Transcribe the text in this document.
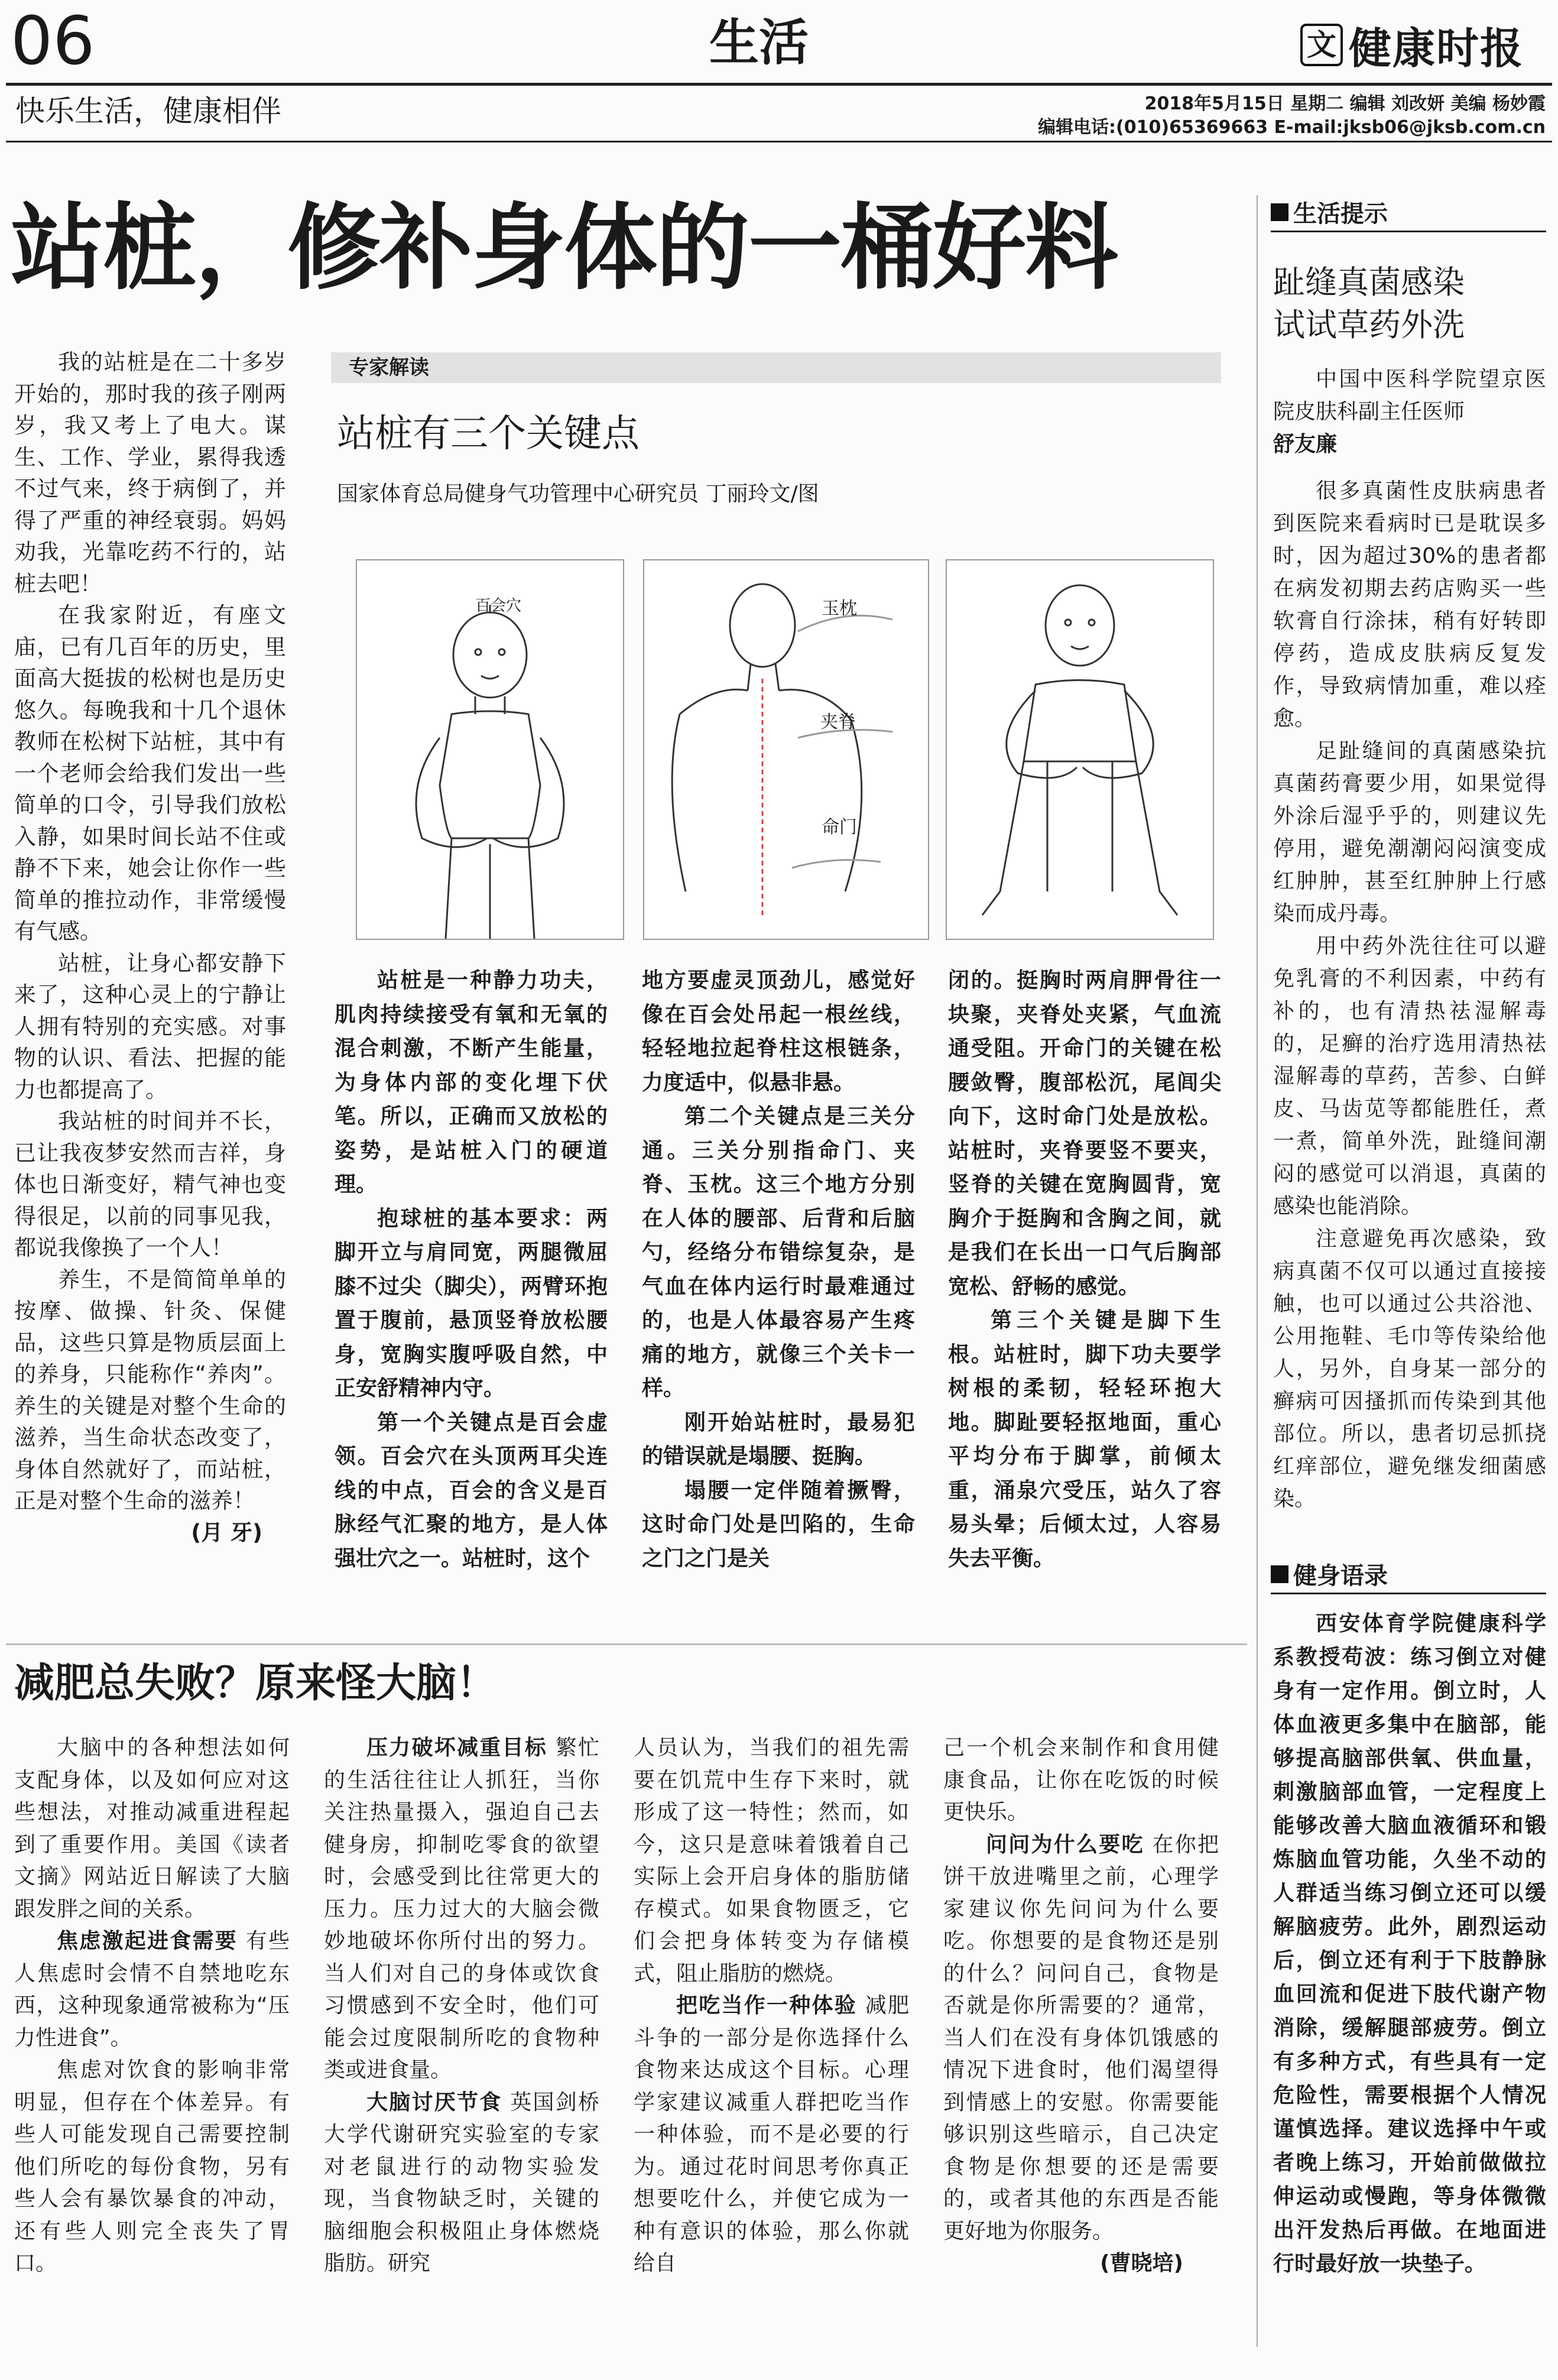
06	生活	文 健康时报
快乐生活，健康相伴	2018年5月15日 星期二 编辑 刘改妍 美编 杨妙霞
编辑电话:(010)65369663 E-mail:jksb06@jksb.com.cn
站桩，修补身体的一桶好料

我的站桩是在二十多岁开始的，那时我的孩子刚两岁，我又考上了电大。谋生、工作、学业，累得我透不过气来，终于病倒了，并得了严重的神经衰弱。妈妈劝我，光靠吃药不行的，站桩去吧！

在我家附近，有座文庙，已有几百年的历史，里面高大挺拔的松树也是历史悠久。每晚我和十几个退休教师在松树下站桩，其中有一个老师会给我们发出一些简单的口令，引导我们放松入静，如果时间长站不住或静不下来，她会让你作一些简单的推拉动作，非常缓慢有气感。

站桩，让身心都安静下来了，这种心灵上的宁静让人拥有特别的充实感。对事物的认识、看法、把握的能力也都提高了。

我站桩的时间并不长，已让我夜梦安然而吉祥，身体也日渐变好，精气神也变得很足，以前的同事见我，都说我像换了一个人！

养生，不是简简单单的按摩、做操、针灸、保健品，这些只算是物质层面上的养身，只能称作“养肉”。养生的关键是对整个生命的滋养，当生命状态改变了，身体自然就好了，而站桩，正是对整个生命的滋养！

(月 牙)
专家解读
站桩有三个关键点
国家体育总局健身气功管理中心研究员 丁丽玲文/图
百会穴	玉枕
夹脊
命门

站桩是一种静力功夫，肌肉持续接受有氧和无氧的混合刺激，不断产生能量，为身体内部的变化埋下伏笔。所以，正确而又放松的姿势，是站桩入门的硬道理。

抱球桩的基本要求：两脚开立与肩同宽，两腿微屈膝不过尖（脚尖），两臂环抱置于腹前，悬顶竖脊放松腰身，宽胸实腹呼吸自然，中正安舒精神内守。

第一个关键点是百会虚领。百会穴在头顶两耳尖连线的中点，百会的含义是百脉经气汇聚的地方，是人体强壮穴之一。站桩时，这个

地方要虚灵顶劲儿，感觉好像在百会处吊起一根丝线，轻轻地拉起脊柱这根链条，力度适中，似悬非悬。

第二个关键点是三关分通。三关分别指命门、夹脊、玉枕。这三个地方分别在人体的腰部、后背和后脑勺，经络分布错综复杂，是气血在体内运行时最难通过的，也是人体最容易产生疼痛的地方，就像三个关卡一样。

刚开始站桩时，最易犯的错误就是塌腰、挺胸。

塌腰一定伴随着撅臀，这时命门处是凹陷的，生命之门之门是关

闭的。挺胸时两肩胛骨往一块聚，夹脊处夹紧，气血流通受阻。开命门的关键在松腰敛臀，腹部松沉，尾闾尖向下，这时命门处是放松。站桩时，夹脊要竖不要夹，竖脊的关键在宽胸圆背，宽胸介于挺胸和含胸之间，就是我们在长出一口气后胸部宽松、舒畅的感觉。

第三个关键是脚下生根。站桩时，脚下功夫要学树根的柔韧，轻轻环抱大地。脚趾要轻抠地面，重心平均分布于脚掌，前倾太重，涌泉穴受压，站久了容易头晕；后倾太过，人容易失去平衡。

生活提示
趾缝真菌感染
试试草药外洗

中国中医科学院望京医院皮肤科副主任医师

舒友廉

很多真菌性皮肤病患者到医院来看病时已是耽误多时，因为超过30%的患者都在病发初期去药店购买一些软膏自行涂抹，稍有好转即停药，造成皮肤病反复发作，导致病情加重，难以痊愈。

足趾缝间的真菌感染抗真菌药膏要少用，如果觉得外涂后湿乎乎的，则建议先停用，避免潮潮闷闷演变成红肿肿，甚至红肿肿上行感染而成丹毒。

用中药外洗往往可以避免乳膏的不利因素，中药有补的，也有清热祛湿解毒的，足癣的治疗选用清热祛湿解毒的草药，苦参、白鲜皮、马齿苋等都能胜任，煮一煮，简单外洗，趾缝间潮闷的感觉可以消退，真菌的感染也能消除。

注意避免再次感染，致病真菌不仅可以通过直接接触，也可以通过公共浴池、公用拖鞋、毛巾等传染给他人，另外，自身某一部分的癣病可因搔抓而传染到其他部位。所以，患者切忌抓挠红痒部位，避免继发细菌感染。

健身语录

西安体育学院健康科学系教授苟波：练习倒立对健身有一定作用。倒立时，人体血液更多集中在脑部，能够提高脑部供氧、供血量，刺激脑部血管，一定程度上能够改善大脑血液循环和锻炼脑血管功能，久坐不动的人群适当练习倒立还可以缓解脑疲劳。此外，剧烈运动后，倒立还有利于下肢静脉血回流和促进下肢代谢产物消除，缓解腿部疲劳。倒立有多种方式，有些具有一定危险性，需要根据个人情况谨慎选择。建议选择中午或者晚上练习，开始前做做拉伸运动或慢跑，等身体微微出汗发热后再做。在地面进行时最好放一块垫子。

减肥总失败？原来怪大脑！

大脑中的各种想法如何支配身体，以及如何应对这些想法，对推动减重进程起到了重要作用。美国《读者文摘》网站近日解读了大脑跟发胖之间的关系。

焦虑激起进食需要 有些人焦虑时会情不自禁地吃东西，这种现象通常被称为“压力性进食”。

焦虑对饮食的影响非常明显，但存在个体差异。有些人可能发现自己需要控制他们所吃的每份食物，另有些人会有暴饮暴食的冲动，还有些人则完全丧失了胃口。

压力破坏减重目标 繁忙的生活往往让人抓狂，当你关注热量摄入，强迫自己去健身房，抑制吃零食的欲望时，会感受到比往常更大的压力。压力过大的大脑会微妙地破坏你所付出的努力。当人们对自己的身体或饮食习惯感到不安全时，他们可能会过度限制所吃的食物种类或进食量。

大脑讨厌节食 英国剑桥大学代谢研究实验室的专家对老鼠进行的动物实验发现，当食物缺乏时，关键的脑细胞会积极阻止身体燃烧脂肪。研究

人员认为，当我们的祖先需要在饥荒中生存下来时，就形成了这一特性；然而，如今，这只是意味着饿着自己实际上会开启身体的脂肪储存模式。如果食物匮乏，它们会把身体转变为存储模式，阻止脂肪的燃烧。

把吃当作一种体验 减肥斗争的一部分是你选择什么食物来达成这个目标。心理学家建议减重人群把吃当作一种体验，而不是必要的行为。通过花时间思考你真正想要吃什么，并使它成为一种有意识的体验，那么你就给自

己一个机会来制作和食用健康食品，让你在吃饭的时候更快乐。

问问为什么要吃 在你把饼干放进嘴里之前，心理学家建议你先问问为什么要吃。你想要的是食物还是别的什么？问问自己，食物是否就是你所需要的？通常，当人们在没有身体饥饿感的情况下进食时，他们渴望得到情感上的安慰。你需要能够识别这些暗示，自己决定食物是你想要的还是需要的，或者其他的东西是否能更好地为你服务。

(曹晓培)
